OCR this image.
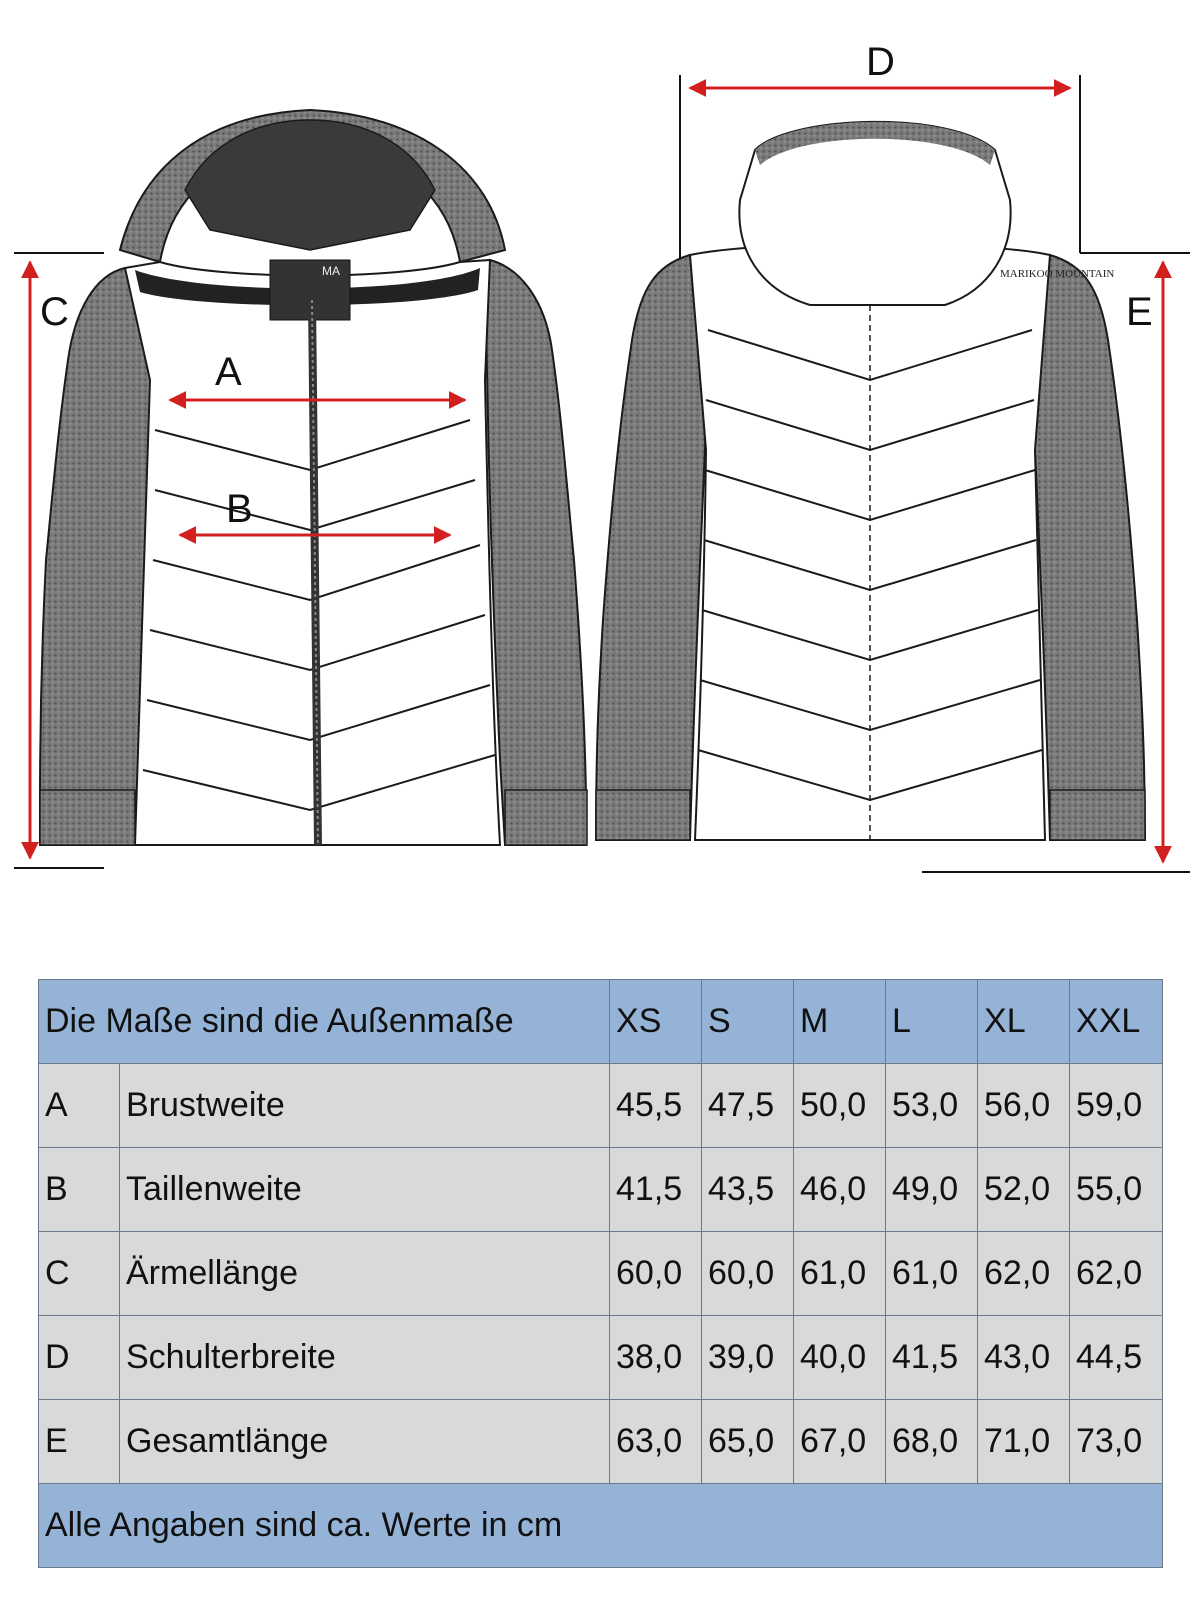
MA	MARIKOO MOUNTAIN
C
A
B
D
E
Die Maße sind die Außenmaße		XS	S	M	L	XL	XXL
A	Brustweite	45,5	47,5	50,0	53,0	56,0	59,0
B	Taillenweite	41,5	43,5	46,0	49,0	52,0	55,0
C	Ärmellänge	60,0	60,0	61,0	61,0	62,0	62,0
D	Schulterbreite	38,0	39,0	40,0	41,5	43,0	44,5
E	Gesamtlänge	63,0	65,0	67,0	68,0	71,0	73,0
Alle Angaben sind ca. Werte in cm							
